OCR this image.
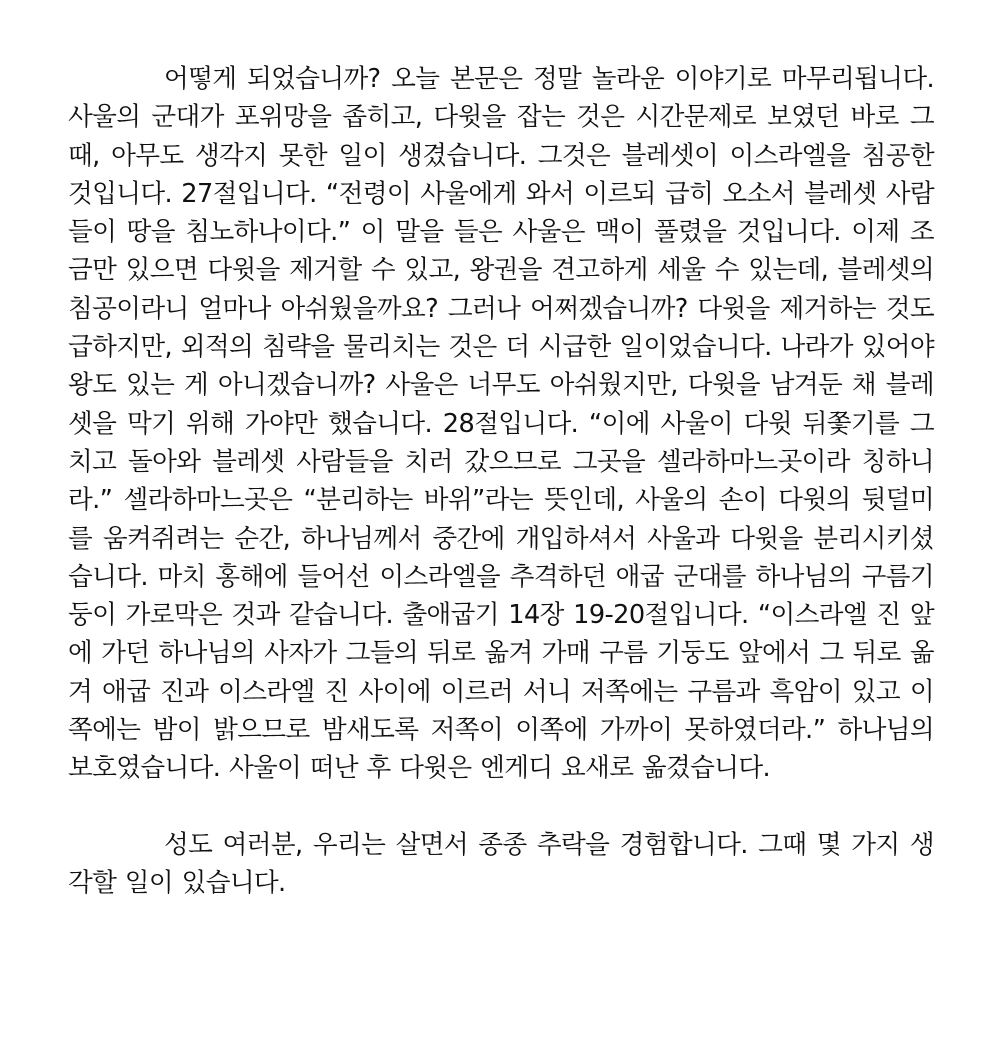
어떻게 되었습니까? 오늘 본문은 정말 놀라운 이야기로 마무리됩니다. 사울의 군대가 포위망을 좁히고, 다윗을 잡는 것은 시간문제로 보였던 바로 그때, 아무도 생각지 못한 일이 생겼습니다. 그것은 블레셋이 이스라엘을 침공한 것입니다. 27절입니다. “전령이 사울에게 와서 이르되 급히 오소서 블레셋 사람들이 땅을 침노하나이다.” 이 말을 들은 사울은 맥이 풀렸을 것입니다. 이제 조금만 있으면 다윗을 제거할 수 있고, 왕권을 견고하게 세울 수 있는데, 블레셋의 침공이라니 얼마나 아쉬웠을까요? 그러나 어쩌겠습니까? 다윗을 제거하는 것도 급하지만, 외적의 침략을 물리치는 것은 더 시급한 일이었습니다. 나라가 있어야 왕도 있는 게 아니겠습니까? 사울은 너무도 아쉬웠지만, 다윗을 남겨둔 채 블레셋을 막기 위해 가야만 했습니다. 28절입니다. “이에 사울이 다윗 뒤쫓기를 그치고 돌아와 블레셋 사람들을 치러 갔으므로 그곳을 셀라하마느곳이라 칭하니라.” 셀라하마느곳은 “분리하는 바위”라는 뜻인데, 사울의 손이 다윗의 뒷덜미를 움켜쥐려는 순간, 하나님께서 중간에 개입하셔서 사울과 다윗을 분리시키셨습니다. 마치 홍해에 들어선 이스라엘을 추격하던 애굽 군대를 하나님의 구름기둥이 가로막은 것과 같습니다. 출애굽기 14장 19-20절입니다. “이스라엘 진 앞에 가던 하나님의 사자가 그들의 뒤로 옮겨 가매 구름 기둥도 앞에서 그 뒤로 옮겨 애굽 진과 이스라엘 진 사이에 이르러 서니 저쪽에는 구름과 흑암이 있고 이쪽에는 밤이 밝으므로 밤새도록 저쪽이 이쪽에 가까이 못하였더라.” 하나님의 보호였습니다. 사울이 떠난 후 다윗은 엔게디 요새로 옮겼습니다.

성도 여러분, 우리는 살면서 종종 추락을 경험합니다. 그때 몇 가지 생각할 일이 있습니다.
